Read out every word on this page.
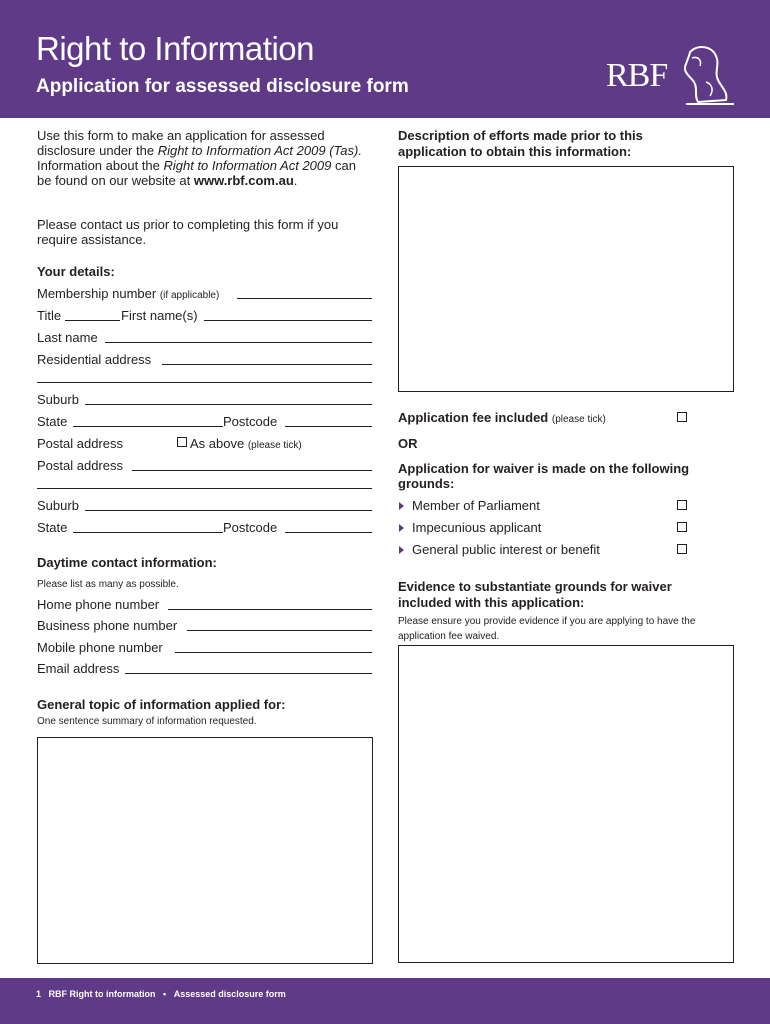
Right to Information
Application for assessed disclosure form	RBF
Use this form to make an application for assessed disclosure under the Right to Information Act 2009 (Tas). Information about the Right to Information Act 2009 can be found on our website at www.rbf.com.au.
Please contact us prior to completing this form if you require assistance.
Your details:
Membership number (if applicable)
Title	First name(s)
Last name
Residential address
Suburb
State	Postcode
Postal address	As above (please tick)
Postal address
Suburb
State	Postcode
Daytime contact information:
Please list as many as possible.
Home phone number
Business phone number
Mobile phone number
Email address
General topic of information applied for:
One sentence summary of information requested.
Description of efforts made prior to this
application to obtain this information:
Application fee included (please tick)
OR
Application for waiver is made on the following
grounds:
Member of Parliament
Impecunious applicant
General public interest or benefit
Evidence to substantiate grounds for waiver
included with this application:
Please ensure you provide evidence if you are applying to have the
application fee waived.
1 RBF Right to information • Assessed disclosure form
